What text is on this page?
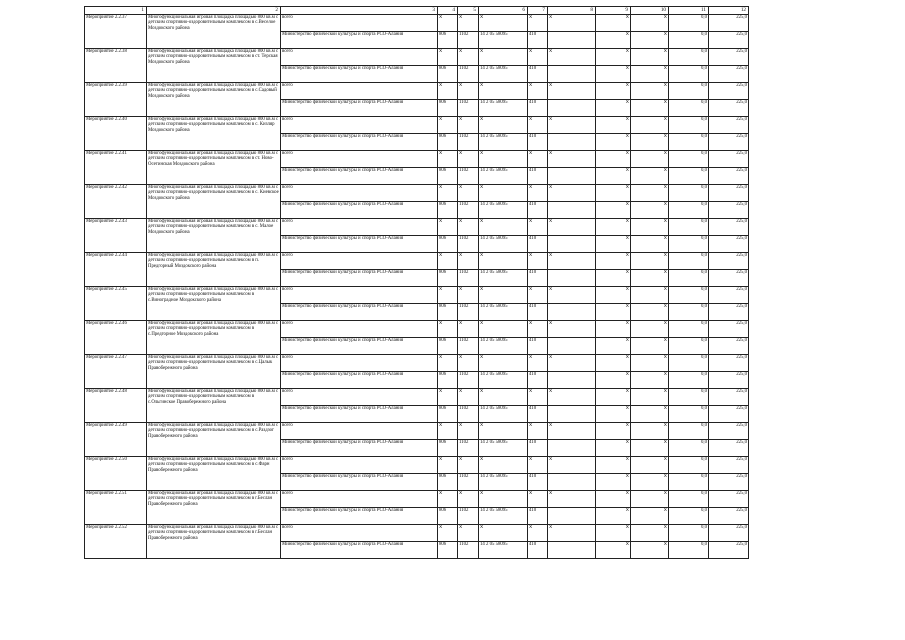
1	2	3	4	5	6	7	8	9	10	11	12	
Мероприятие 2.2.37	Многофункциональная игровая площадка площадью 800 кв.м с детским спортивно-оздоровительным комплексом в с.Веселое Моздокского района	всего	X	X	X	X	X	X	X	0,0	225,0	
		Министерство физической культуры и спорта РСО-Алания	806	1102	14 2 05 58095	410		X	X	0,0	225,0	
Мероприятие 2.2.38	Многофункциональная игровая площадка площадью 800 кв.м с детским спортивно-оздоровительным комплексом в ст. Терская Моздокского района	всего	X	X	X	X	X	X	X	0,0	225,0	
		Министерство физической культуры и спорта РСО-Алания	806	1102	14 2 05 58095	410		X	X	0,0	225,0	
Мероприятие 2.2.39	Многофункциональная игровая площадка площадью 800 кв.м с детским спортивно-оздоровительным комплексом в с.Садовый Моздокского района	всего	X	X	X	X	X	X	X	0,0	225,0	
		Министерство физической культуры и спорта РСО-Алания	806	1102	14 2 05 58095	410		X	X	0,0	225,0	
Мероприятие 2.2.40	Многофункциональная игровая площадка площадью 800 кв.м с детским спортивно-оздоровительным комплексом в с. Кизляр Моздокского района	всего	X	X	X	X	X	X	X	0,0	225,0	
		Министерство физической культуры и спорта РСО-Алания	806	1102	14 2 05 58095	410		X	X	0,0	225,0	
Мероприятие 2.2.41	Многофункциональная игровая площадка площадью 800 кв.м с детским спортивно-оздоровительным комплексом в ст. Ново-Осетинская Моздокского района	всего	X	X	X	X	X	X	X	0,0	225,0	
		Министерство физической культуры и спорта РСО-Алания	806	1102	14 2 05 58095	410		X	X	0,0	225,0	
Мероприятие 2.2.42	Многофункциональная игровая площадка площадью 800 кв.м с детским спортивно-оздоровительным комплексом в с. Киевское Моздокского района	всего	X	X	X	X	X	X	X	0,0	225,0	
		Министерство физической культуры и спорта РСО-Алания	806	1102	14 2 05 58095	410		X	X	0,0	225,0	
Мероприятие 2.2.43	Многофункциональная игровая площадка площадью 800 кв.м с детским спортивно-оздоровительным комплексом в с. Малое Моздокского района	всего	X	X	X	X	X	X	X	0,0	225,0	
		Министерство физической культуры и спорта РСО-Алания	806	1102	14 2 05 58095	410		X	X	0,0	225,0	
Мероприятие 2.2.44	Многофункциональная игровая площадка площадью 800 кв.м с детским спортивно-оздоровительным комплексом в п. Предгорный Моздокского района	всего	X	X	X	X	X	X	X	0,0	225,0	
		Министерство физической культуры и спорта РСО-Алания	806	1102	14 2 05 58095	410		X	X	0,0	225,0	
Мероприятие 2.2.45	Многофункциональная игровая площадка площадью 800 кв.м с детским спортивно-оздоровительным комплексом в с.Виноградное Моздокского района	всего	X	X	X	X	X	X	X	0,0	225,0	
		Министерство физической культуры и спорта РСО-Алания	806	1102	14 2 05 58095	410		X	X	0,0	225,0	
Мероприятие 2.2.46	Многофункциональная игровая площадка площадью 800 кв.м с детским спортивно-оздоровительным комплексом в с.Предгорное Моздокского района	всего	X	X	X	X	X	X	X	0,0	225,0	
		Министерство физической культуры и спорта РСО-Алания	806	1102	14 2 05 58095	410		X	X	0,0	225,0	
Мероприятие 2.2.47	Многофункциональная игровая площадка площадью 800 кв.м с детским спортивно-оздоровительным комплексом в с.Цалык Правобережного района	всего	X	X	X	X	X	X	X	0,0	225,0	
		Министерство физической культуры и спорта РСО-Алания	806	1102	14 2 05 58095	410		X	X	0,0	225,0	
Мероприятие 2.2.48	Многофункциональная игровая площадка площадью 800 кв.м с детским спортивно-оздоровительным комплексом в с.Ольгинское Правобережного района	всего	X	X	X	X	X	X	X	0,0	225,0	
		Министерство физической культуры и спорта РСО-Алания	806	1102	14 2 05 58095	410		X	X	0,0	225,0	
Мероприятие 2.2.49	Многофункциональная игровая площадка площадью 800 кв.м с детским спортивно-оздоровительным комплексом в с.Раздзог Правобережного района	всего	X	X	X	X	X	X	X	0,0	225,0	
		Министерство физической культуры и спорта РСО-Алания	806	1102	14 2 05 58095	410		X	X	0,0	225,0	
Мероприятие 2.2.50	Многофункциональная игровая площадка площадью 800 кв.м с детским спортивно-оздоровительным комплексом в с.Фарн Правобережного района	всего	X	X	X	X	X	X	X	0,0	225,0	
		Министерство физической культуры и спорта РСО-Алания	806	1102	14 2 05 58095	410		X	X	0,0	225,0	
Мероприятие 2.2.51	Многофункциональная игровая площадка площадью 800 кв.м с детским спортивно-оздоровительным комплексом в г.Беслан Правобережного района	всего	X	X	X	X	X	X	X	0,0	225,0	
		Министерство физической культуры и спорта РСО-Алания	806	1102	14 2 05 58095	410		X	X	0,0	225,0	
Мероприятие 2.2.52	Многофункциональная игровая площадка площадью 800 кв.м с детским спортивно-оздоровительным комплексом в г.Беслан Правобережного района	всего	X	X	X	X	X	X	X	0,0	225,0	
		Министерство физической культуры и спорта РСО-Алания	806	1102	14 2 05 58095	410		X	X	0,0	225,0	
